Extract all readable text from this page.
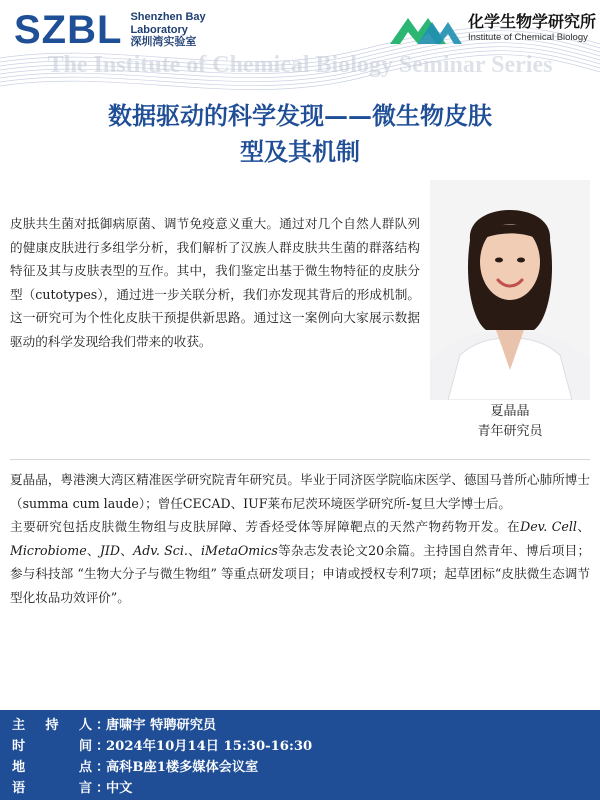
SZBL Shenzhen Bay
Laboratory
深圳湾实验室
化学生物学研究所
Institute of Chemical Biology
The Institute of Chemical Biology Seminar Series
数据驱动的科学发现——微生物皮肤
型及其机制
皮肤共生菌对抵御病原菌、调节免疫意义重大。通过对几个自然人群队列的健康皮肤进行多组学分析，我们解析了汉族人群皮肤共生菌的群落结构特征及其与皮肤表型的互作。其中，我们鉴定出基于微生物特征的皮肤分型（cutotypes），通过进一步关联分析，我们亦发现其背后的形成机制。这一研究可为个性化皮肤干预提供新思路。通过这一案例向大家展示数据驱动的科学发现给我们带来的收获。
夏晶晶
青年研究员

夏晶晶，粤港澳大湾区精准医学研究院青年研究员。毕业于同济医学院临床医学、德国马普所心肺所博士（summa cum laude）；曾任CECAD、IUF莱布尼茨环境医学研究所-复旦大学博士后。

主要研究包括皮肤微生物组与皮肤屏障、芳香烃受体等屏障靶点的天然产物药物开发。在Dev. Cell、Microbiome、JID、Adv. Sci.、iMetaOmics等杂志发表论文20余篇。主持国自然青年、博后项目；参与科技部 “生物大分子与微生物组” 等重点研发项目；申请或授权专利7项；起草团标“皮肤微生态调节型化妆品功效评价”。

主 持 人 ：
唐啸宇 特聘研究员
时	间 ：
2024年10月14日 15:30-16:30
地	点 ：
高科B座1楼多媒体会议室
语	言 ：
中文
